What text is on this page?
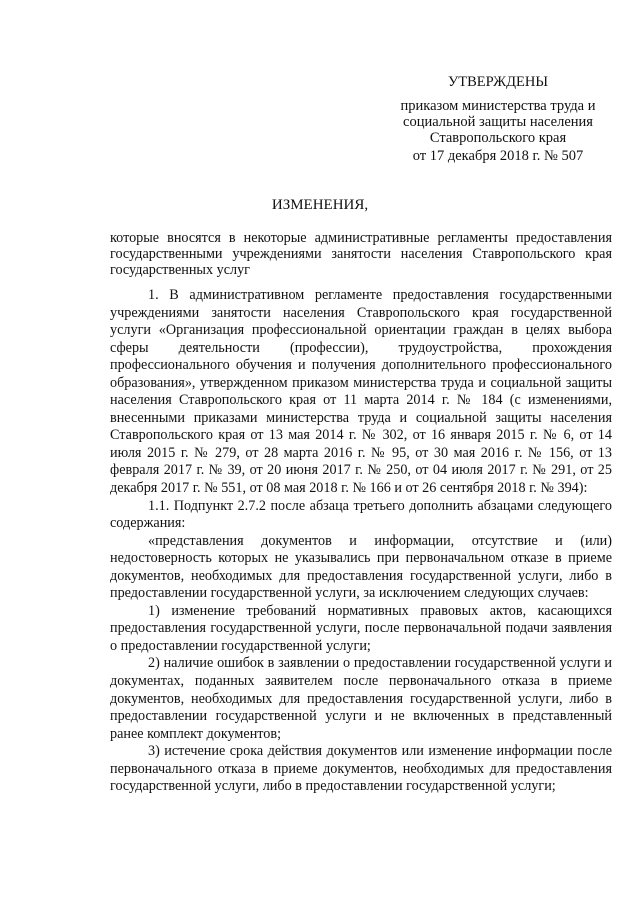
УТВЕРЖДЕНЫ
приказом министерства труда и
социальной защиты населения
Ставропольского края
от 17 декабря 2018 г. № 507
ИЗМЕНЕНИЯ,
которые вносятся в некоторые административные регламенты предоставления государственными учреждениями занятости населения Ставропольского края государственных услуг

1. В административном регламенте предоставления государственными учреждениями занятости населения Ставропольского края государственной услуги «Организация профессиональной ориентации граждан в целях выбора сферы деятельности (профессии), трудоустройства, прохождения профессионального обучения и получения дополнительного профессионального образования», утвержденном приказом министерства труда и социальной защиты населения Ставропольского края от 11 марта 2014 г. № 184 (с изменениями, внесенными приказами министерства труда и социальной защиты населения Ставропольского края от 13 мая 2014 г. № 302, от 16 января 2015 г. № 6, от 14 июля 2015 г. № 279, от 28 марта 2016 г. № 95, от 30 мая 2016 г. № 156, от 13 февраля 2017 г. № 39, от 20 июня 2017 г. № 250, от 04 июля 2017 г. № 291, от 25 декабря 2017 г. № 551, от 08 мая 2018 г. № 166 и от 26 сентября 2018 г. № 394):

1.1. Подпункт 2.7.2 после абзаца третьего дополнить абзацами следующего содержания:

«представления документов и информации, отсутствие и (или) недостоверность которых не указывались при первоначальном отказе в приеме документов, необходимых для предоставления государственной услуги, либо в предоставлении государственной услуги, за исключением следующих случаев:

1) изменение требований нормативных правовых актов, касающихся предоставления государственной услуги, после первоначальной подачи заявления о предоставлении государственной услуги;

2) наличие ошибок в заявлении о предоставлении государственной услуги и документах, поданных заявителем после первоначального отказа в приеме документов, необходимых для предоставления государственной услуги, либо в предоставлении государственной услуги и не включенных в представленный ранее комплект документов;

3) истечение срока действия документов или изменение информации после первоначального отказа в приеме документов, необходимых для предоставления государственной услуги, либо в предоставлении государственной услуги;
